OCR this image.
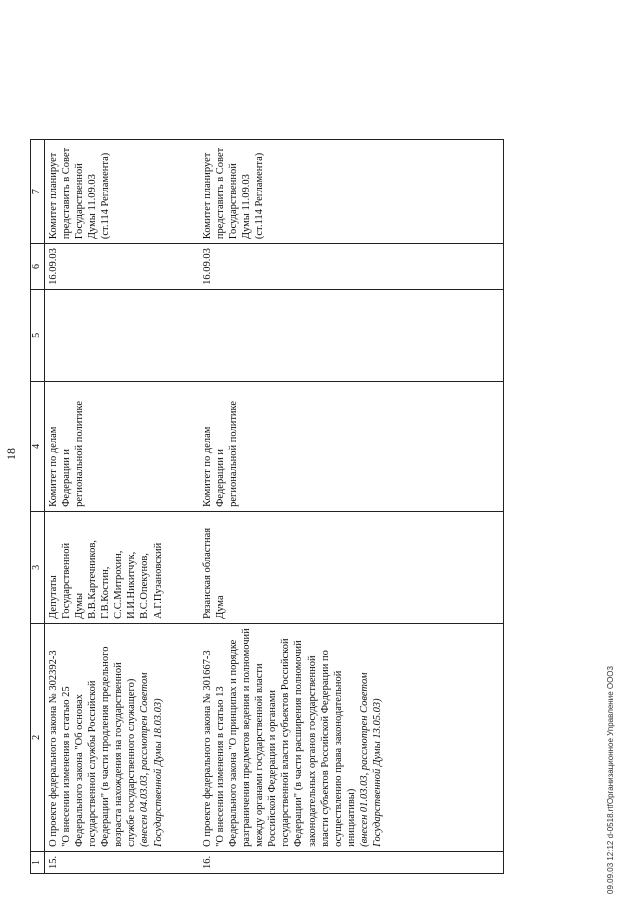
18
1	2	3	4	5	6	7
15.	О проекте федерального закона № 302392-3 "О внесении изменения в статью 25 Федерального закона "Об основах государственной службы Российской Федерации" (в части продления предельного возраста нахождения на государственной службе государственного служащего) (внесен 04.03.03, рассмотрен Советом Государственной Думы 18.03.03)	Депутаты Государственной Думы В.В.Картечников, Г.В.Костин, С.С.Митрохин, И.И.Никитчук, В.С.Опекунов, А.Г.Пузановский	Комитет по делам Федерации и региональной политике		16.09.03	Комитет планирует представить в Совет Государственной Думы 11.09.03 (ст.114 Регламента)
16.	О проекте федерального закона № 301667-3 "О внесении изменения в статью 13 Федерального закона "О принципах и порядке разграничения предметов ведения и полномочий между органами государственной власти Российской Федерации и органами государственной власти субъектов Российской Федерации" (в части расширения полномочий законодательных органов государственной власти субъектов Российской Федерации по осуществлению права законодательной инициативы) (внесен 01.03.03, рассмотрен Советом Государственной Думы 13.05.03)	Рязанская областная Дума	Комитет по делам Федерации и региональной политике		16.09.03	Комитет планирует представить в Совет Государственной Думы 11.09.03 (ст.114 Регламента)
09.09.03 12:12 d-0518.rtfОрганизационное Управление ООО3
